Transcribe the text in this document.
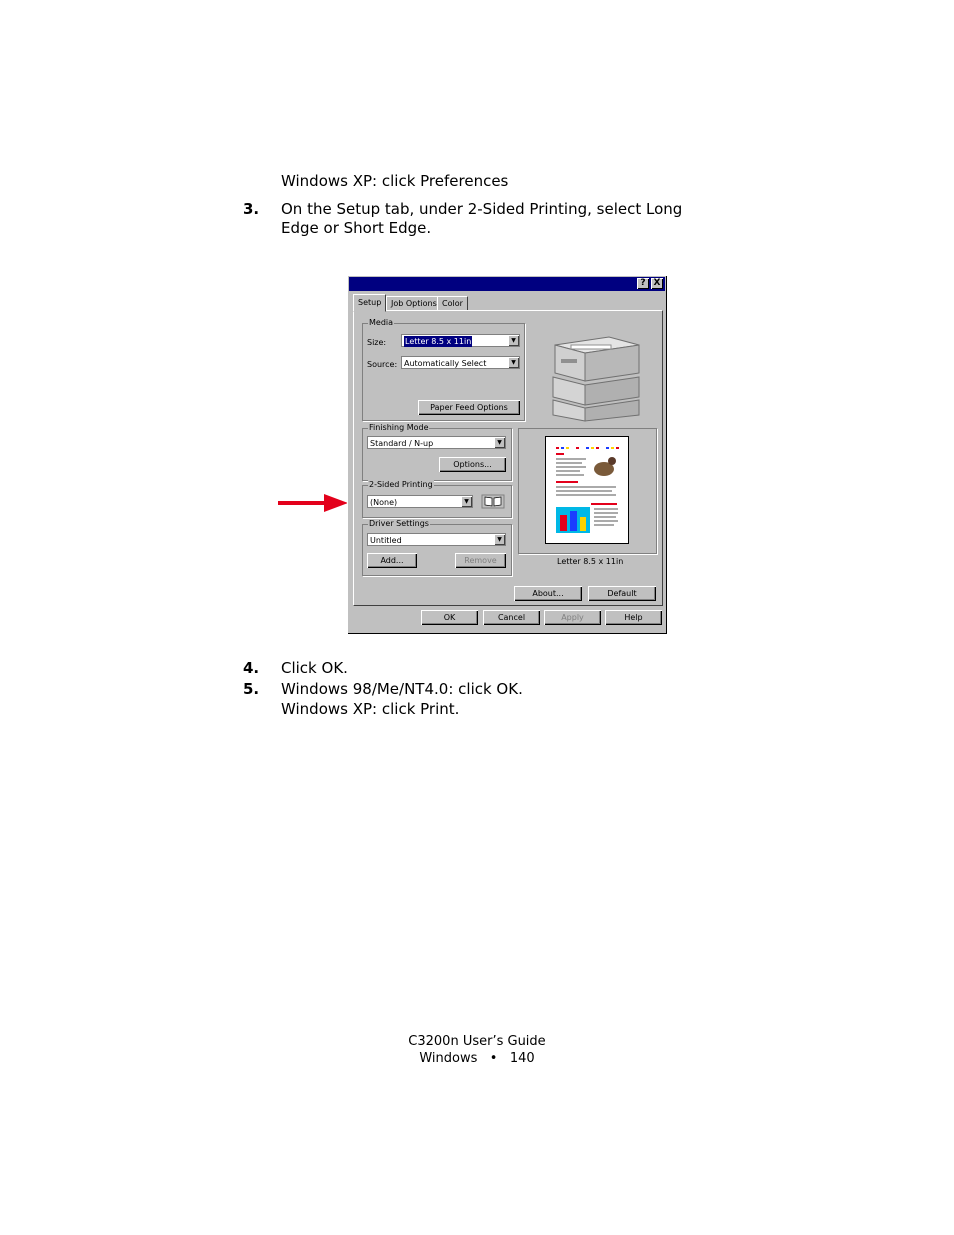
Windows XP: click Preferences
3. On the Setup tab, under 2-Sided Printing, select Long
Edge or Short Edge.
? X
Setup	Job Options Color
Media
Size:	Letter 8.5 x 11in	▼
Source: Automatically Select	▼
Paper Feed Options
Finishing Mode
Standard / N-up	▼
Options...
2-Sided Printing
(None)	▼
Driver Settings
Untitled	▼
Add...	Remove	Letter 8.5 x 11in
About...	Default
OK	Cancel	Apply	Help
4. Click OK.
5. Windows 98/Me/NT4.0: click OK.
Windows XP: click Print.
C3200n User’s Guide
Windows • 140
